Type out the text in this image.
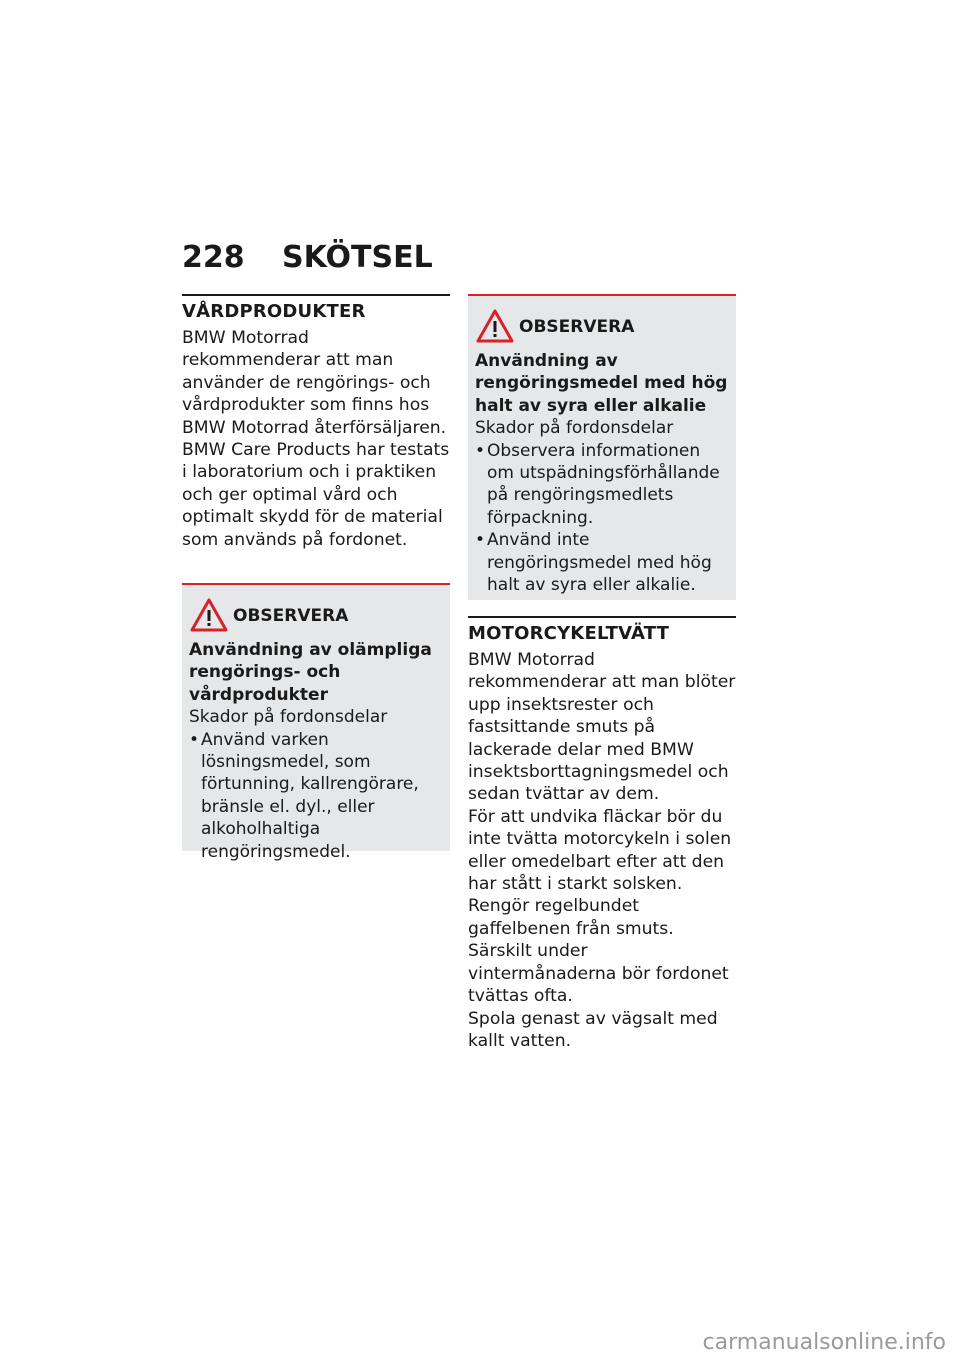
228 SKÖTSEL
VÅRDPRODUKTER

BMW Motorrad rekommenderar att man använder de rengörings- och vårdprodukter som finns hos BMW Motorrad återförsäljaren. BMW Care Products har testats i laboratorium och i praktiken och ger optimal vård och optimalt skydd för de material som används på fordonet.

OBSERVERA

Användning av olämpliga rengörings- och vårdprodukter

Skador på fordonsdelar

• Använd varken lösningsmedel, som förtunning, kallrengörare, bränsle el. dyl., eller alkoholhaltiga rengöringsmedel.

OBSERVERA

Användning av rengöringsmedel med hög halt av syra eller alkalie

Skador på fordonsdelar

• Observera informationen om utspädningsförhållande på rengöringsmedlets förpackning.

• Använd inte rengöringsmedel med hög halt av syra eller alkalie.

MOTORCYKELTVÄTT

BMW Motorrad rekommenderar att man blöter upp insektsrester och fastsittande smuts på lackerade delar med BMW insektsborttagningsmedel och sedan tvättar av dem.

För att undvika fläckar bör du inte tvätta motorcykeln i solen eller omedelbart efter att den har stått i starkt solsken.

Rengör regelbundet gaffelbenen från smuts.

Särskilt under vintermånaderna bör fordonet tvättas ofta.

Spola genast av vägsalt med kallt vatten.

carmanualsonline.info
